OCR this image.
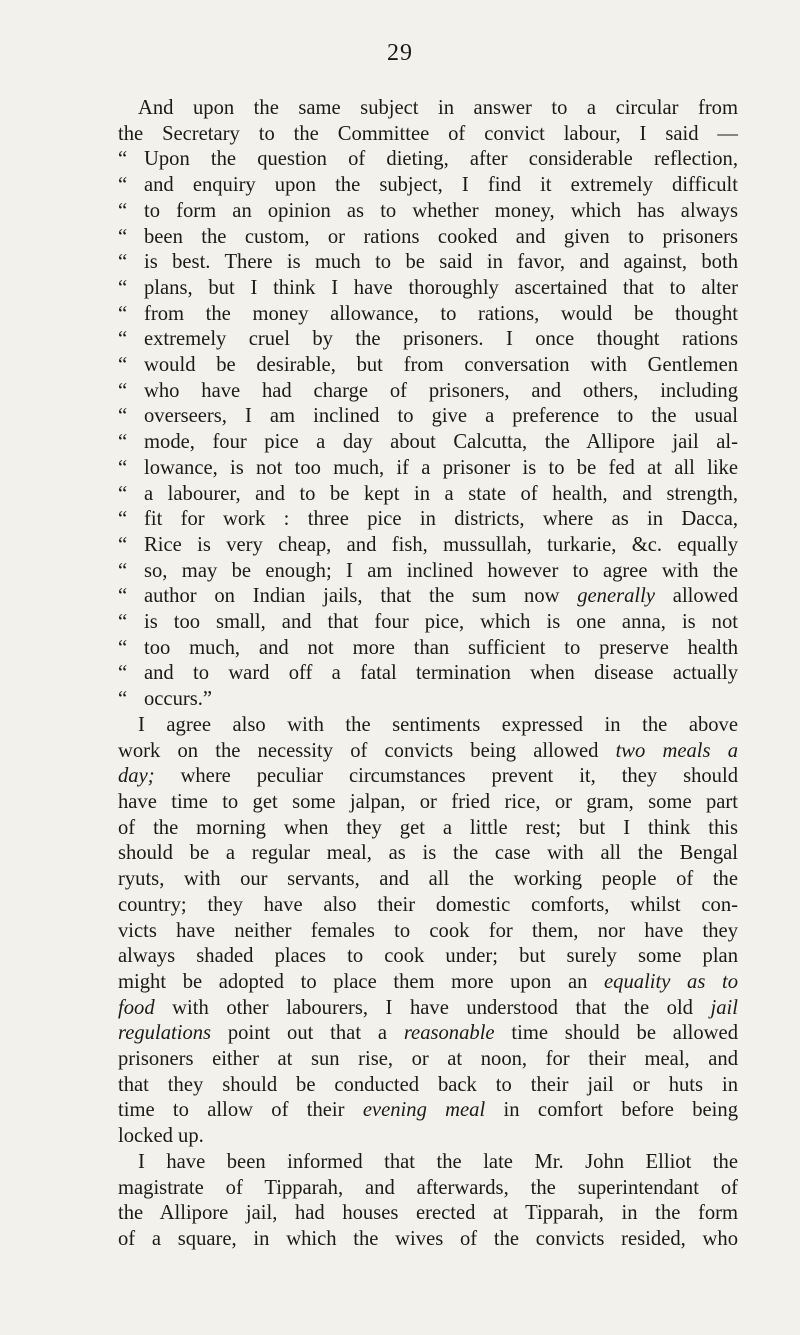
29
And upon the same subject in answer to a circular from
the Secretary to the Committee of convict labour, I said —
“ Upon the question of dieting, after considerable reflection,
“ and enquiry upon the subject, I find it extremely difficult
“ to form an opinion as to whether money, which has always
“ been the custom, or rations cooked and given to prisoners
“ is best. There is much to be said in favor, and against, both
“ plans, but I think I have thoroughly ascertained that to alter
“ from the money allowance, to rations, would be thought
“ extremely cruel by the prisoners. I once thought rations
“ would be desirable, but from conversation with Gentlemen
“ who have had charge of prisoners, and others, including
“ overseers, I am inclined to give a preference to the usual
“ mode, four pice a day about Calcutta, the Allipore jail al-
“ lowance, is not too much, if a prisoner is to be fed at all like
“ a labourer, and to be kept in a state of health, and strength,
“ fit for work : three pice in districts, where as in Dacca,
“ Rice is very cheap, and fish, mussullah, turkarie, &c. equally
“ so, may be enough; I am inclined however to agree with the
“ author on Indian jails, that the sum now generally allowed
“ is too small, and that four pice, which is one anna, is not
“ too much, and not more than sufficient to preserve health
“ and to ward off a fatal termination when disease actually
“ occurs.”
I agree also with the sentiments expressed in the above
work on the necessity of convicts being allowed two meals a
day; where peculiar circumstances prevent it, they should
have time to get some jalpan, or fried rice, or gram, some part
of the morning when they get a little rest; but I think this
should be a regular meal, as is the case with all the Bengal
ryuts, with our servants, and all the working people of the
country; they have also their domestic comforts, whilst con-
victs have neither females to cook for them, nor have they
always shaded places to cook under; but surely some plan
might be adopted to place them more upon an equality as to
food with other labourers, I have understood that the old jail
regulations point out that a reasonable time should be allowed
prisoners either at sun rise, or at noon, for their meal, and
that they should be conducted back to their jail or huts in
time to allow of their evening meal in comfort before being
locked up.
I have been informed that the late Mr. John Elliot the
magistrate of Tipparah, and afterwards, the superintendant of
the Allipore jail, had houses erected at Tipparah, in the form
of a square, in which the wives of the convicts resided, who
